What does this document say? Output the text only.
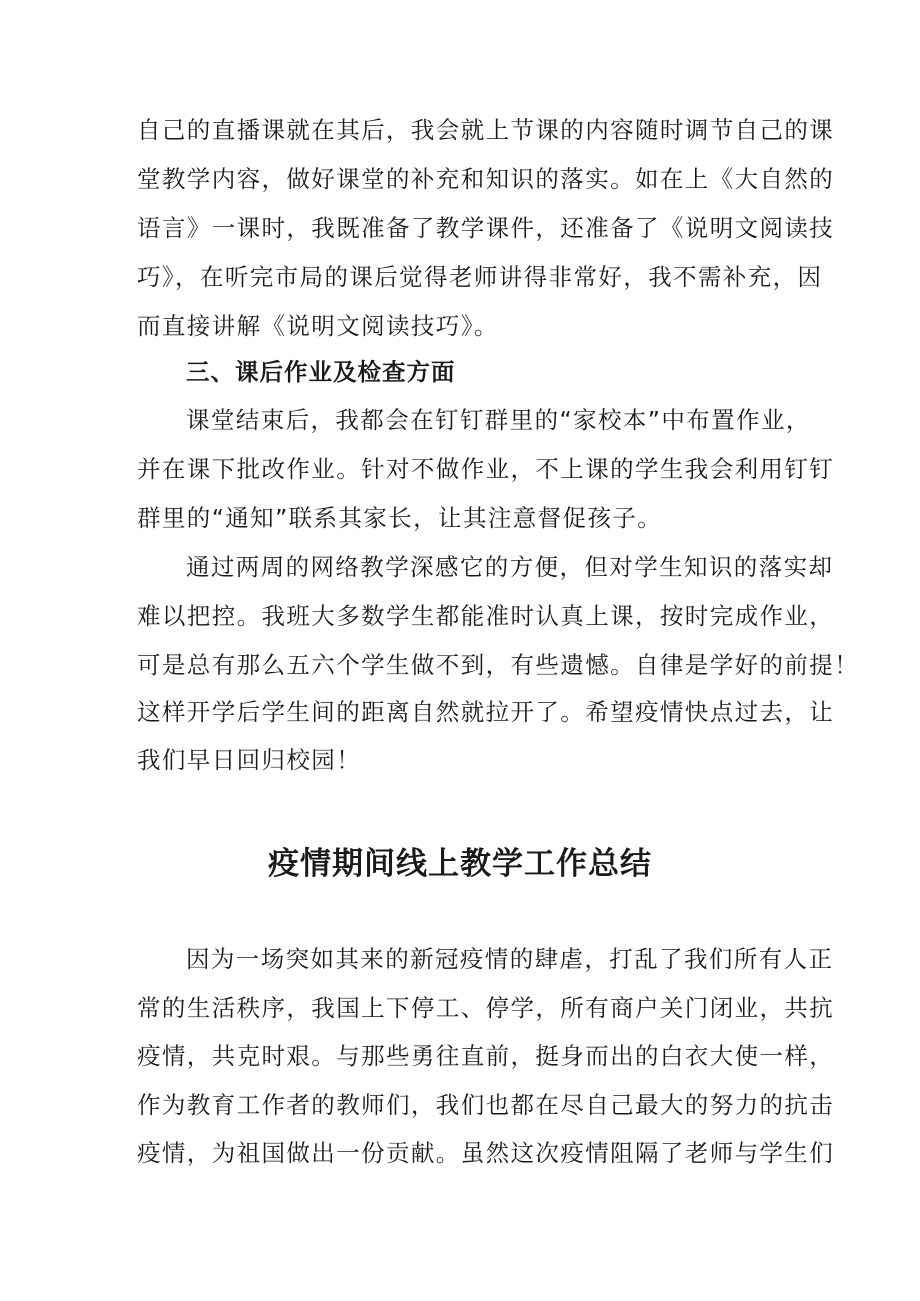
自己的直播课就在其后，我会就上节课的内容随时调节自己的课
堂教学内容，做好课堂的补充和知识的落实。如在上《大自然的
语言》一课时，我既准备了教学课件，还准备了《说明文阅读技
巧》，在听完市局的课后觉得老师讲得非常好，我不需补充，因
而直接讲解《说明文阅读技巧》。
三、课后作业及检查方面
课堂结束后，我都会在钉钉群里的“家校本”中布置作业，
并在课下批改作业。针对不做作业，不上课的学生我会利用钉钉
群里的“通知”联系其家长，让其注意督促孩子。
通过两周的网络教学深感它的方便，但对学生知识的落实却
难以把控。我班大多数学生都能准时认真上课，按时完成作业，
可是总有那么五六个学生做不到，有些遗憾。自律是学好的前提！
这样开学后学生间的距离自然就拉开了。希望疫情快点过去，让
我们早日回归校园！
疫情期间线上教学工作总结
因为一场突如其来的新冠疫情的肆虐，打乱了我们所有人正
常的生活秩序，我国上下停工、停学，所有商户关门闭业，共抗
疫情，共克时艰。与那些勇往直前，挺身而出的白衣大使一样，
作为教育工作者的教师们，我们也都在尽自己最大的努力的抗击
疫情，为祖国做出一份贡献。虽然这次疫情阻隔了老师与学生们
